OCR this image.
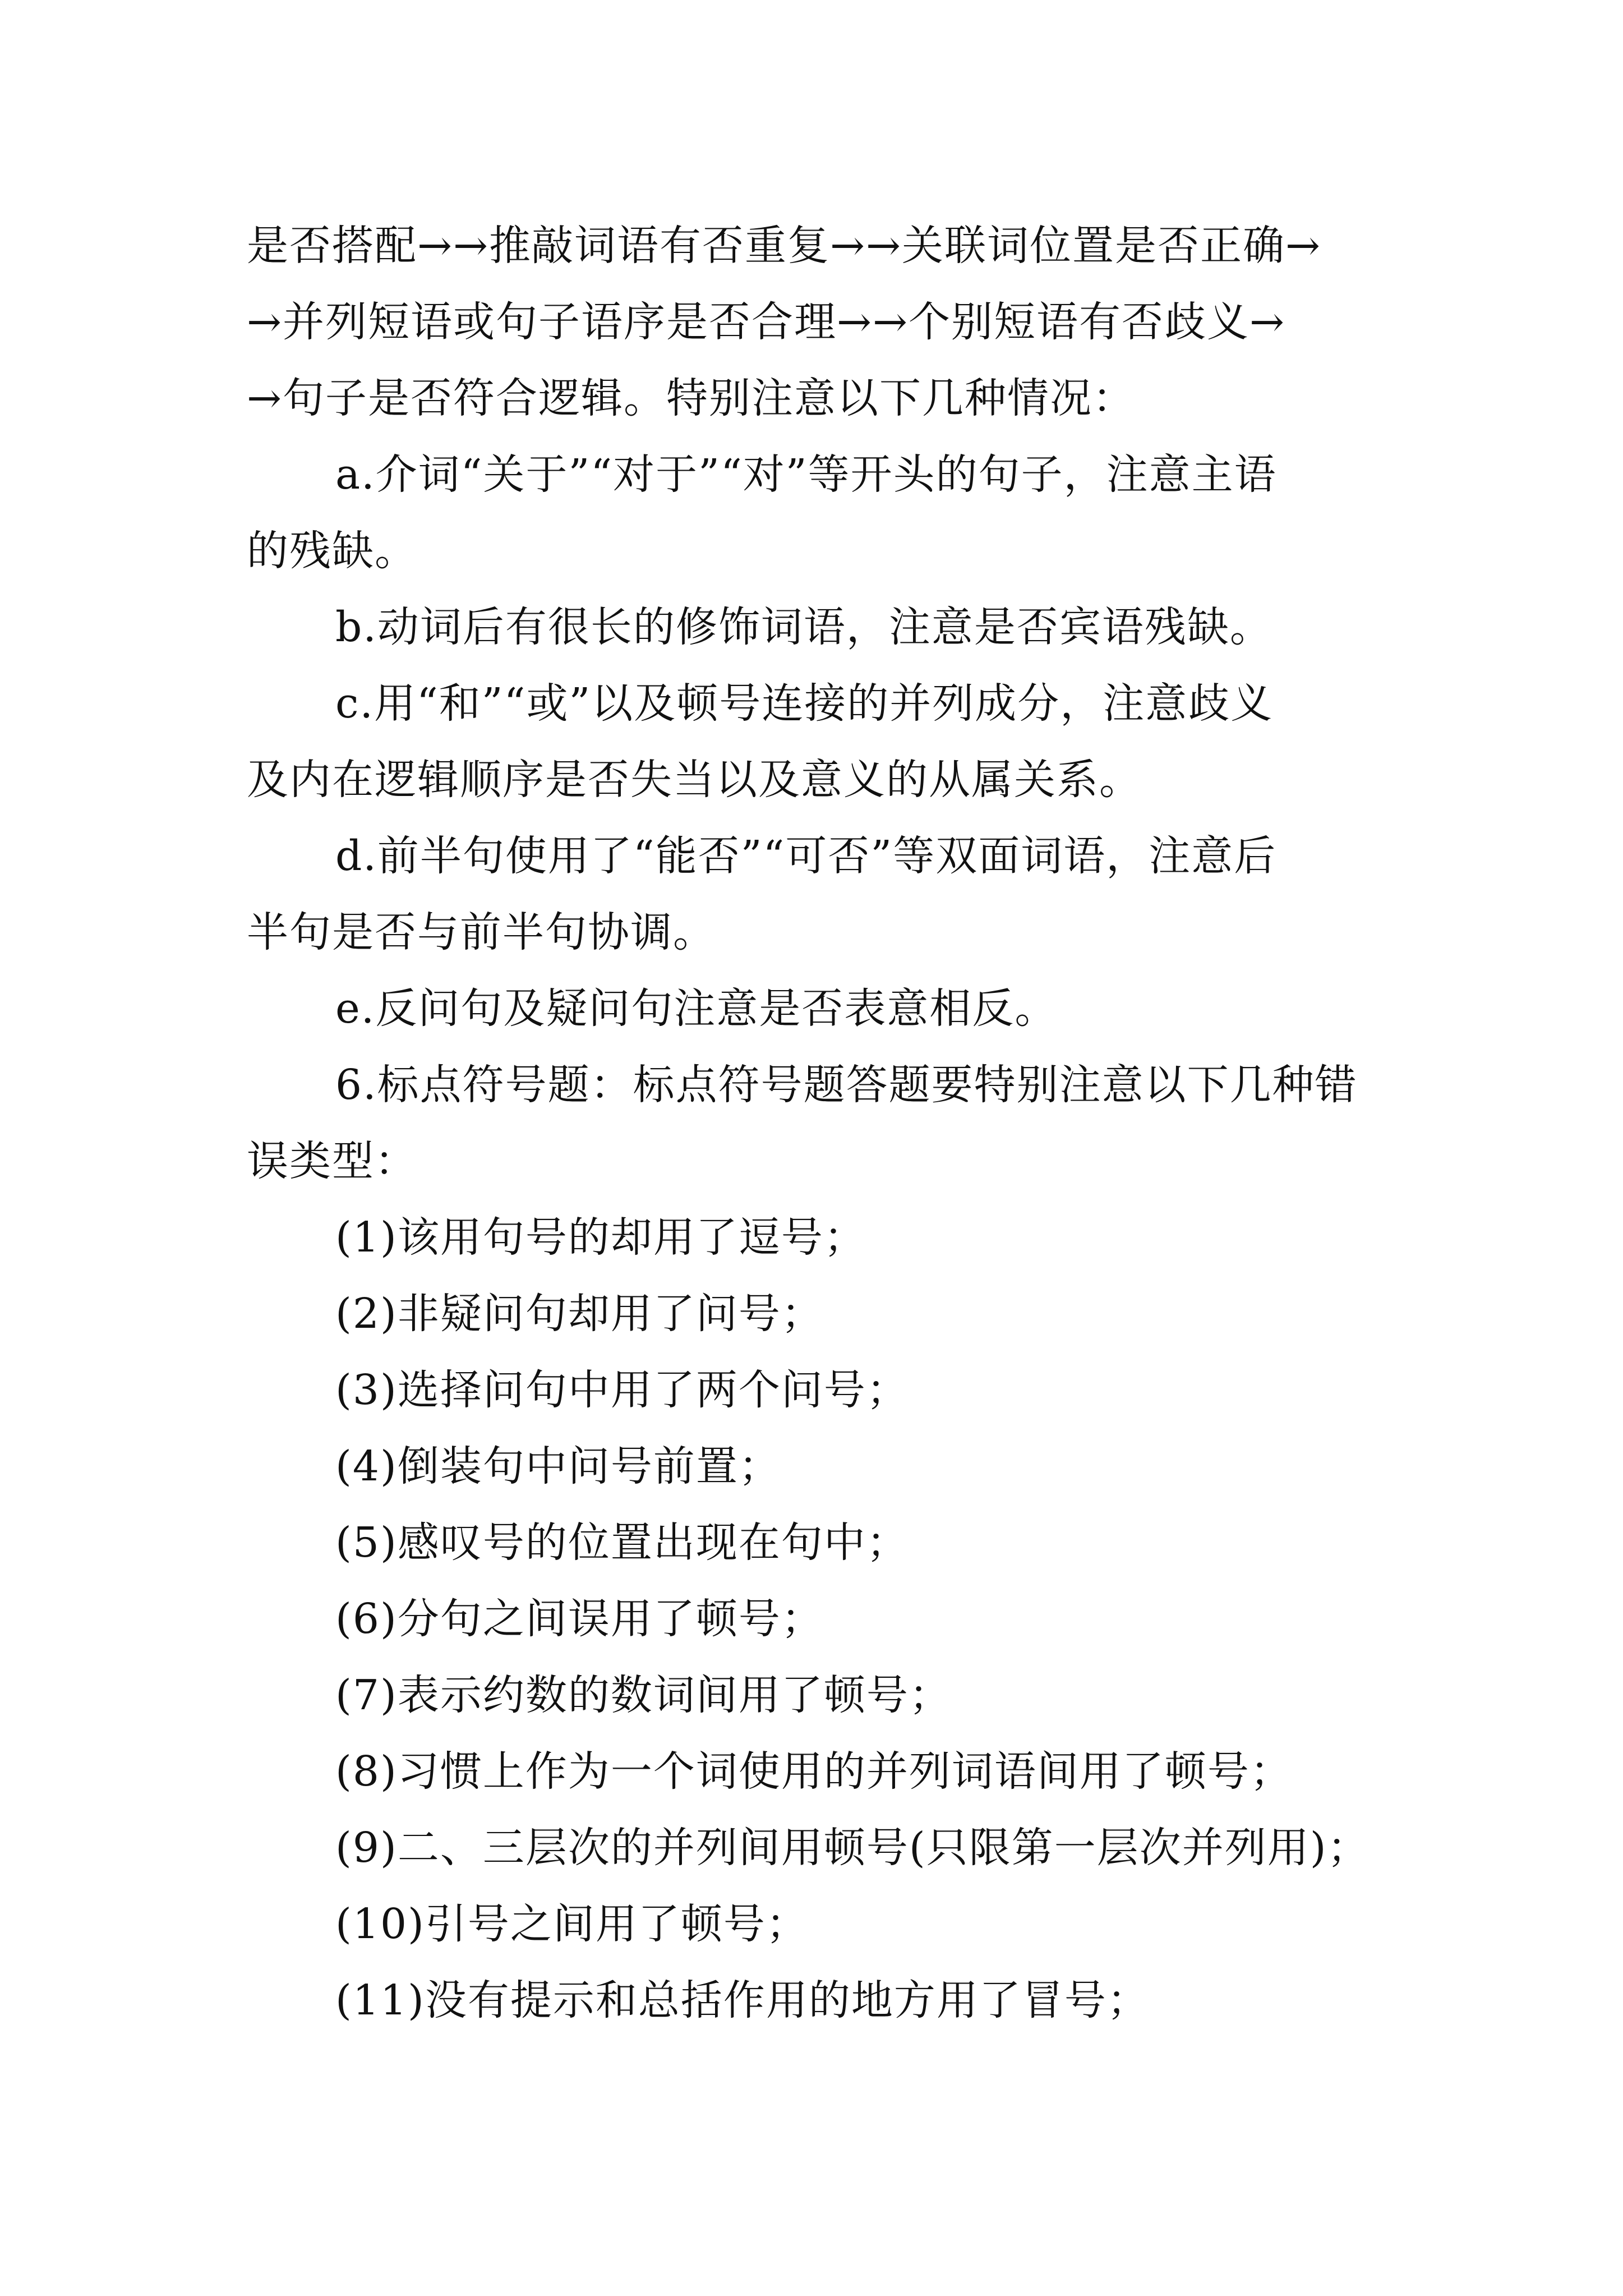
是否搭配→→推敲词语有否重复→→关联词位置是否正确→
→并列短语或句子语序是否合理→→个别短语有否歧义→
→句子是否符合逻辑。特别注意以下几种情况：
a.介词“关于”“对于”“对”等开头的句子，注意主语
的残缺。
b.动词后有很长的修饰词语，注意是否宾语残缺。
c.用“和”“或”以及顿号连接的并列成分，注意歧义
及内在逻辑顺序是否失当以及意义的从属关系。
d.前半句使用了“能否”“可否”等双面词语，注意后
半句是否与前半句协调。
e.反问句及疑问句注意是否表意相反。
6.标点符号题：标点符号题答题要特别注意以下几种错
误类型：
(1)该用句号的却用了逗号；
(2)非疑问句却用了问号；
(3)选择问句中用了两个问号；
(4)倒装句中问号前置；
(5)感叹号的位置出现在句中；
(6)分句之间误用了顿号；
(7)表示约数的数词间用了顿号；
(8)习惯上作为一个词使用的并列词语间用了顿号；
(9)二、三层次的并列间用顿号(只限第一层次并列用)；
(10)引号之间用了顿号；
(11)没有提示和总括作用的地方用了冒号；
